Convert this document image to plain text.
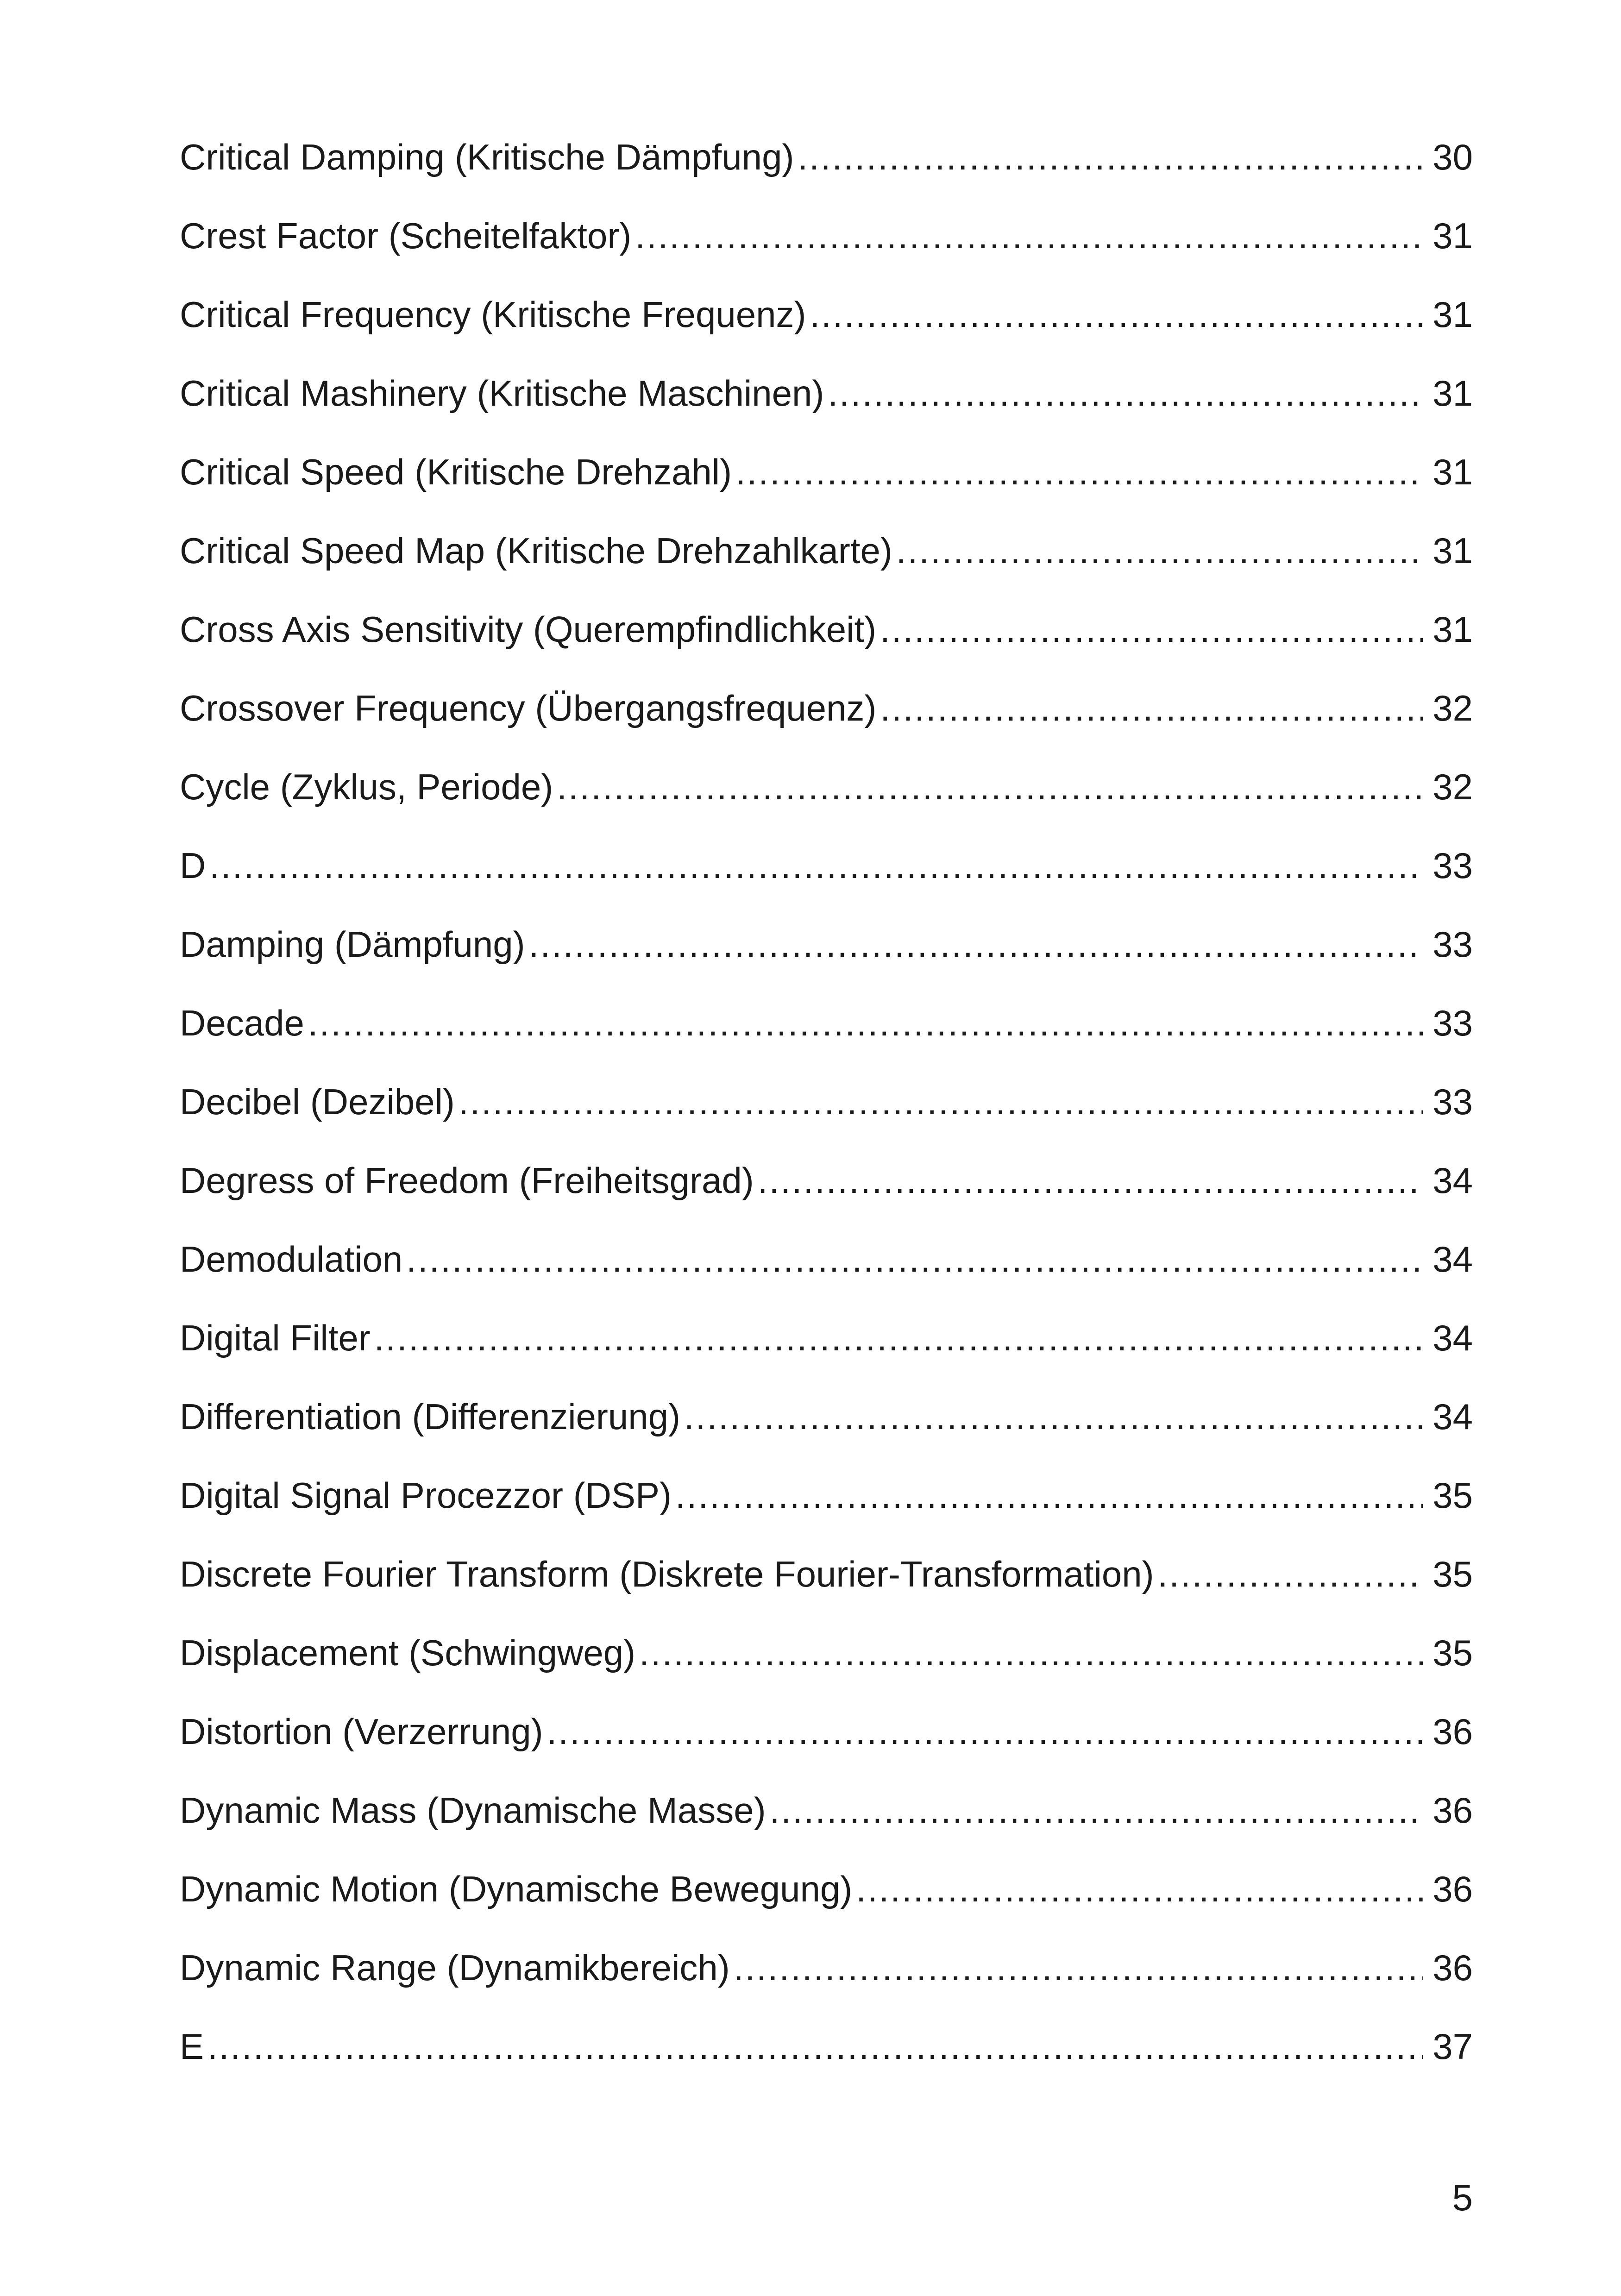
Critical Damping (Kritische Dämpfung) .....	30
Crest Factor (Scheitelfaktor) .....	31
Critical Frequency (Kritische Frequenz) .....	31
Critical Mashinery (Kritische Maschinen) .....	31
Critical Speed (Kritische Drehzahl) .....	31
Critical Speed Map (Kritische Drehzahlkarte) .....	31
Cross Axis Sensitivity (Querempfindlichkeit) .....	31
Crossover Frequency (Übergangsfrequenz) .....	32
Cycle (Zyklus, Periode) .....	32
D .....	33
Damping (Dämpfung) .....	33
Decade .....	33
Decibel (Dezibel) .....	33
Degress of Freedom (Freiheitsgrad) .....	34
Demodulation .....	34
Digital Filter .....	34
Differentiation (Differenzierung) .....	34
Digital Signal Procezzor (DSP) .....	35
Discrete Fourier Transform (Diskrete Fourier-Transformation) .....	35
Displacement (Schwingweg) .....	35
Distortion (Verzerrung) .....	36
Dynamic Mass (Dynamische Masse) .....	36
Dynamic Motion (Dynamische Bewegung) .....	36
Dynamic Range (Dynamikbereich) .....	36
E .....	37
5
